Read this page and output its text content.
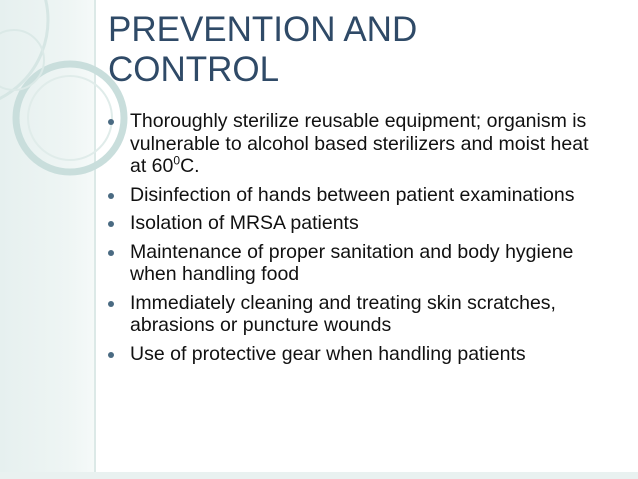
PREVENTION AND
CONTROL
Thoroughly sterilize reusable equipment; organism is vulnerable to alcohol based sterilizers and moist heat at $60^0C$.
Disinfection of hands between patient examinations
Isolation of MRSA patients
Maintenance of proper sanitation and body hygiene when handling food
Immediately cleaning and treating skin scratches, abrasions or puncture wounds
Use of protective gear when handling patients
